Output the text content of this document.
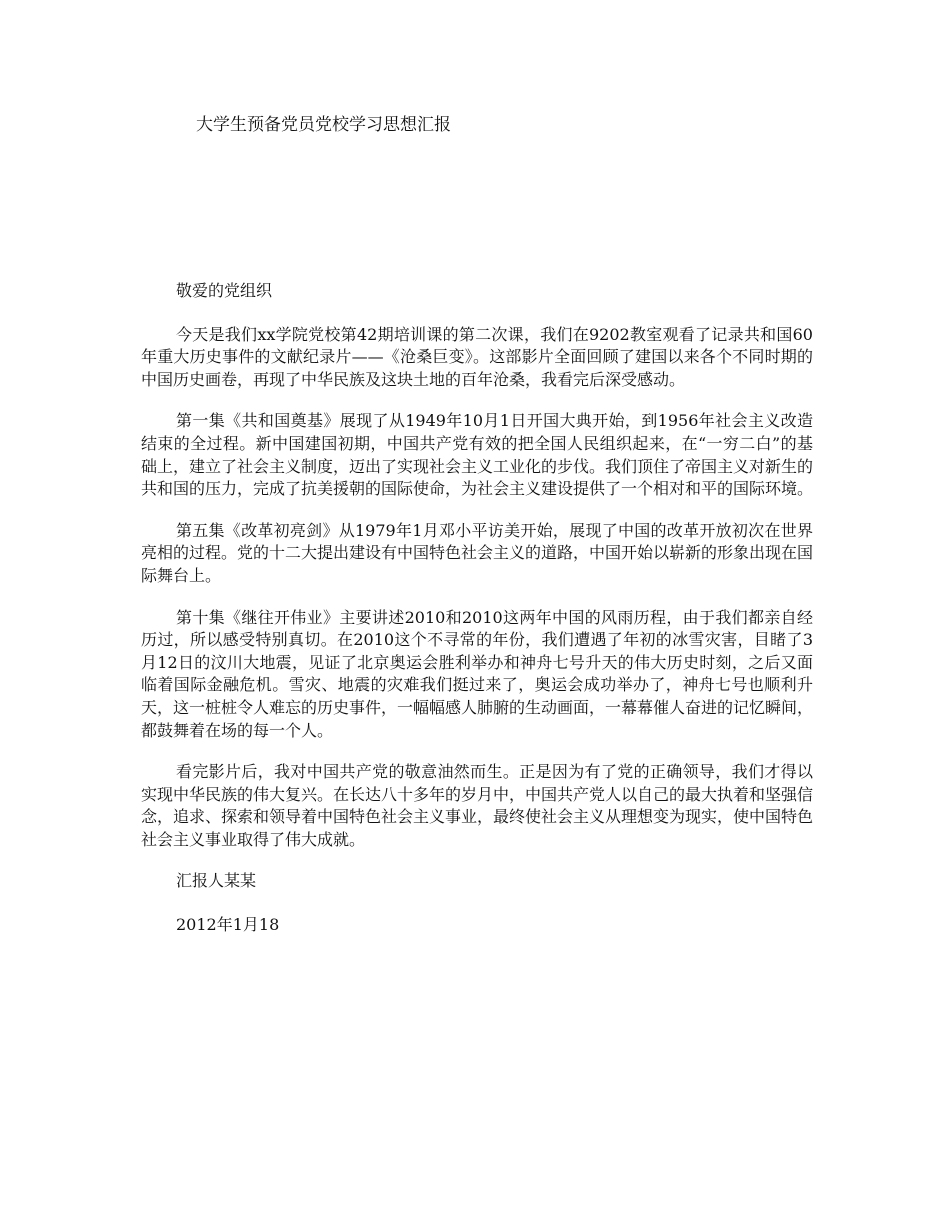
大学生预备党员党校学习思想汇报

敬爱的党组织

今天是我们xx学院党校第42期培训课的第二次课，我们在9202教室观看了记录共和国60年重大历史事件的文献纪录片——《沧桑巨变》。这部影片全面回顾了建国以来各个不同时期的中国历史画卷，再现了中华民族及这块土地的百年沧桑，我看完后深受感动。

第一集《共和国奠基》展现了从1949年10月1日开国大典开始，到1956年社会主义改造结束的全过程。新中国建国初期，中国共产党有效的把全国人民组织起来，在“一穷二白”的基础上，建立了社会主义制度，迈出了实现社会主义工业化的步伐。我们顶住了帝国主义对新生的共和国的压力，完成了抗美援朝的国际使命，为社会主义建设提供了一个相对和平的国际环境。

第五集《改革初亮剑》从1979年1月邓小平访美开始，展现了中国的改革开放初次在世界亮相的过程。党的十二大提出建设有中国特色社会主义的道路，中国开始以崭新的形象出现在国际舞台上。

第十集《继往开伟业》主要讲述2010和2010这两年中国的风雨历程，由于我们都亲自经历过，所以感受特别真切。在2010这个不寻常的年份，我们遭遇了年初的冰雪灾害，目睹了3月12日的汶川大地震，见证了北京奥运会胜利举办和神舟七号升天的伟大历史时刻，之后又面临着国际金融危机。雪灾、地震的灾难我们挺过来了，奥运会成功举办了，神舟七号也顺利升天，这一桩桩令人难忘的历史事件，一幅幅感人肺腑的生动画面，一幕幕催人奋进的记忆瞬间，都鼓舞着在场的每一个人。

看完影片后，我对中国共产党的敬意油然而生。正是因为有了党的正确领导，我们才得以实现中华民族的伟大复兴。在长达八十多年的岁月中，中国共产党人以自己的最大执着和坚强信念，追求、探索和领导着中国特色社会主义事业，最终使社会主义从理想变为现实，使中国特色社会主义事业取得了伟大成就。

汇报人某某

2012年1月18
